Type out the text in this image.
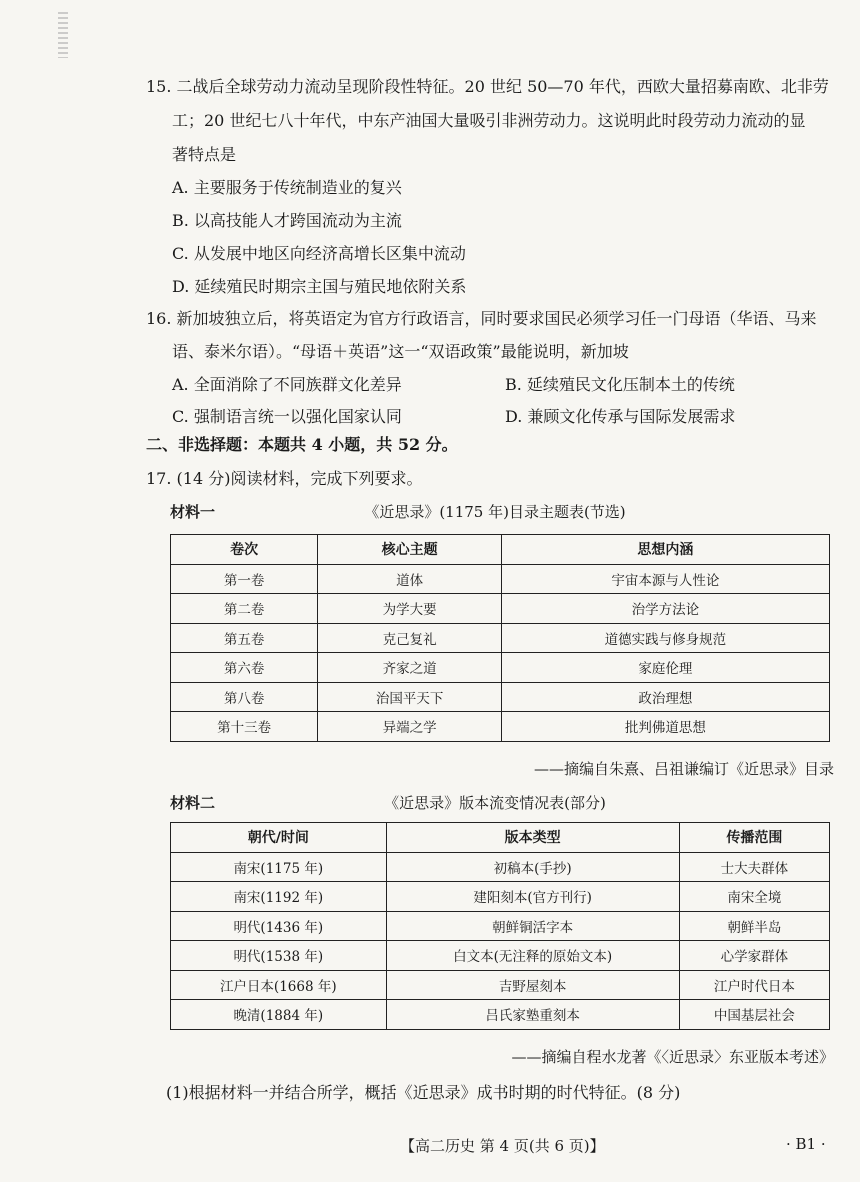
15. 二战后全球劳动力流动呈现阶段性特征。20 世纪 50—70 年代，西欧大量招募南欧、北非劳
工；20 世纪七八十年代，中东产油国大量吸引非洲劳动力。这说明此时段劳动力流动的显
著特点是
A. 主要服务于传统制造业的复兴
B. 以高技能人才跨国流动为主流
C. 从发展中地区向经济高增长区集中流动
D. 延续殖民时期宗主国与殖民地依附关系
16. 新加坡独立后，将英语定为官方行政语言，同时要求国民必须学习任一门母语（华语、马来
语、泰米尔语）。“母语＋英语”这一“双语政策”最能说明，新加坡
A. 全面消除了不同族群文化差异	B. 延续殖民文化压制本土的传统
C. 强制语言统一以强化国家认同	D. 兼顾文化传承与国际发展需求
二、非选择题：本题共 4 小题，共 52 分。
17. (14 分)阅读材料，完成下列要求。
材料一	《近思录》(1175 年)目录主题表(节选)
卷次	核心主题	思想内涵
第一卷	道体	宇宙本源与人性论
第二卷	为学大要	治学方法论
第五卷	克己复礼	道德实践与修身规范
第六卷	齐家之道	家庭伦理
第八卷	治国平天下	政治理想
第十三卷	异端之学	批判佛道思想
——摘编自朱熹、吕祖谦编订《近思录》目录
材料二	《近思录》版本流变情况表(部分)
朝代/时间	版本类型	传播范围
南宋(1175 年)	初稿本(手抄)	士大夫群体
南宋(1192 年)	建阳刻本(官方刊行)	南宋全境
明代(1436 年)	朝鲜铜活字本	朝鲜半岛
明代(1538 年)	白文本(无注释的原始文本)	心学家群体
江户日本(1668 年)	吉野屋刻本	江户时代日本
晚清(1884 年)	吕氏家塾重刻本	中国基层社会
——摘编自程水龙著《〈近思录〉东亚版本考述》
(1)根据材料一并结合所学，概括《近思录》成书时期的时代特征。(8 分)
【高二历史 第 4 页(共 6 页)】	· B1 ·
